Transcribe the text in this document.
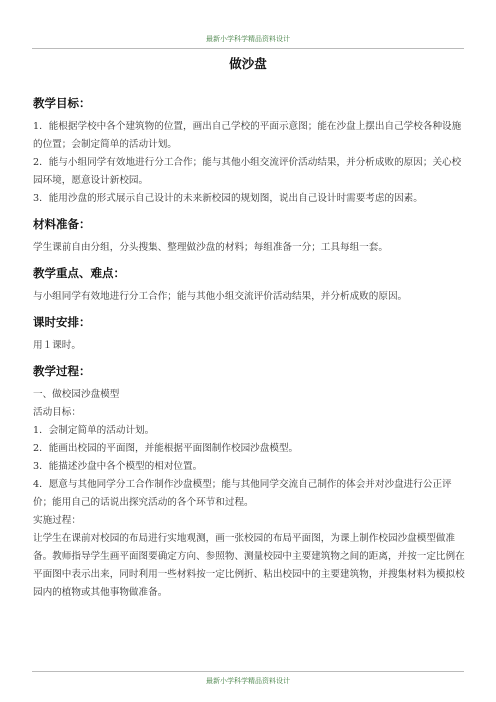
最新小学科学精品资料设计
做沙盘
教学目标：

1．能根据学校中各个建筑物的位置，画出自己学校的平面示意图；能在沙盘上摆出自己学校各种设施的位置；会制定简单的活动计划。

2．能与小组同学有效地进行分工合作；能与其他小组交流评价活动结果，并分析成败的原因；关心校园环境，愿意设计新校园。

3．能用沙盘的形式展示自己设计的未来新校园的规划图，说出自己设计时需要考虑的因素。

材料准备：

学生课前自由分组，分头搜集、整理做沙盘的材料；每组准备一分；工具每组一套。

教学重点、难点：

与小组同学有效地进行分工合作；能与其他小组交流评价活动结果，并分析成败的原因。

课时安排：

用１课时。

教学过程：

一、做校园沙盘模型

活动目标：

1．会制定简单的活动计划。

2．能画出校园的平面图，并能根据平面图制作校园沙盘模型。

3．能描述沙盘中各个模型的相对位置。

4．愿意与其他同学分工合作制作沙盘模型；能与其他同学交流自己制作的体会并对沙盘进行公正评价；能用自己的话说出探究活动的各个环节和过程。

实施过程：

让学生在课前对校园的布局进行实地观测，画一张校园的布局平面图，为课上制作校园沙盘模型做准备。教师指导学生画平面图要确定方向、参照物、测量校园中主要建筑物之间的距离，并按一定比例在平面图中表示出来，同时利用一些材料按一定比例折、粘出校园中的主要建筑物，并搜集材料为模拟校园内的植物或其他事物做准备。

最新小学科学精品资料设计
